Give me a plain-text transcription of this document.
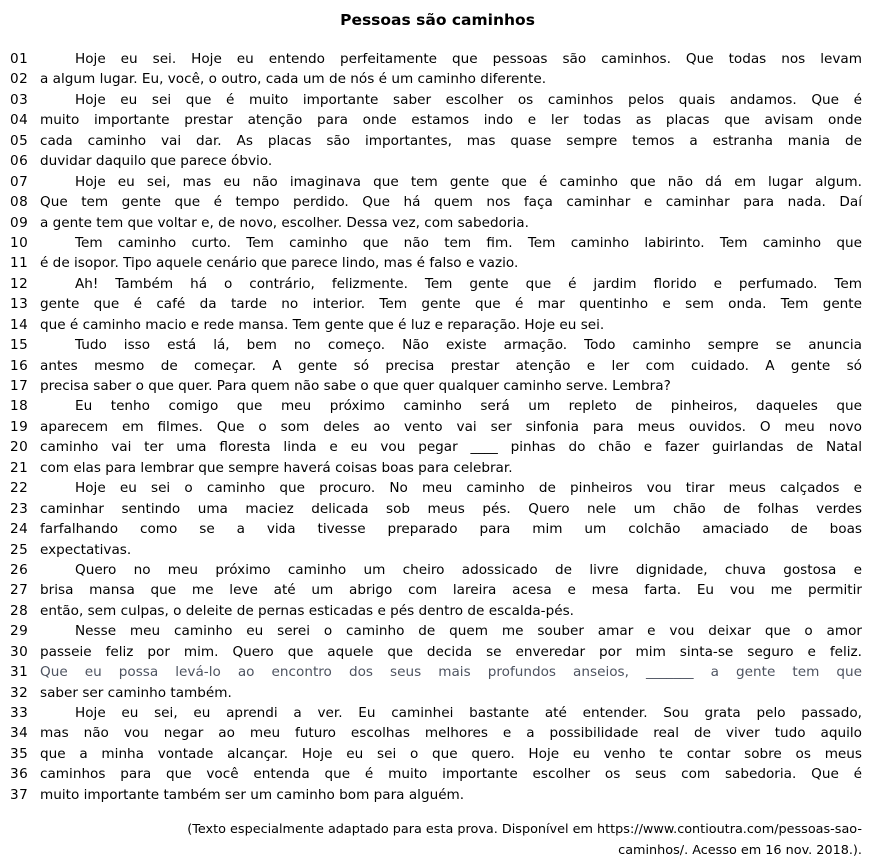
Pessoas são caminhos
01	Hoje eu sei. Hoje eu entendo perfeitamente que pessoas são caminhos. Que todas nos levam
02 a algum lugar. Eu, você, o outro, cada um de nós é um caminho diferente.
03	Hoje eu sei que é muito importante saber escolher os caminhos pelos quais andamos. Que é
04 muito importante prestar atenção para onde estamos indo e ler todas as placas que avisam onde
05 cada caminho vai dar. As placas são importantes, mas quase sempre temos a estranha mania de
06 duvidar daquilo que parece óbvio.
07	Hoje eu sei, mas eu não imaginava que tem gente que é caminho que não dá em lugar algum.
08 Que tem gente que é tempo perdido. Que há quem nos faça caminhar e caminhar para nada. Daí
09 a gente tem que voltar e, de novo, escolher. Dessa vez, com sabedoria.
10	Tem caminho curto. Tem caminho que não tem fim. Tem caminho labirinto. Tem caminho que
11 é de isopor. Tipo aquele cenário que parece lindo, mas é falso e vazio.
12	Ah! Também há o contrário, felizmente. Tem gente que é jardim florido e perfumado. Tem
13 gente que é café da tarde no interior. Tem gente que é mar quentinho e sem onda. Tem gente
14 que é caminho macio e rede mansa. Tem gente que é luz e reparação. Hoje eu sei.
15	Tudo isso está lá, bem no começo. Não existe armação. Todo caminho sempre se anuncia
16 antes mesmo de começar. A gente só precisa prestar atenção e ler com cuidado. A gente só
17 precisa saber o que quer. Para quem não sabe o que quer qualquer caminho serve. Lembra?
18	Eu tenho comigo que meu próximo caminho será um repleto de pinheiros, daqueles que
19 aparecem em filmes. Que o som deles ao vento vai ser sinfonia para meus ouvidos. O meu novo
20 caminho vai ter uma floresta linda e eu vou pegar ____ pinhas do chão e fazer guirlandas de Natal
21 com elas para lembrar que sempre haverá coisas boas para celebrar.
22	Hoje eu sei o caminho que procuro. No meu caminho de pinheiros vou tirar meus calçados e
23 caminhar sentindo uma maciez delicada sob meus pés. Quero nele um chão de folhas verdes
24 farfalhando como se a vida tivesse preparado para mim um colchão amaciado de boas
25 expectativas.
26	Quero no meu próximo caminho um cheiro adossicado de livre dignidade, chuva gostosa e
27 brisa mansa que me leve até um abrigo com lareira acesa e mesa farta. Eu vou me permitir
28 então, sem culpas, o deleite de pernas esticadas e pés dentro de escalda-pés.
29	Nesse meu caminho eu serei o caminho de quem me souber amar e vou deixar que o amor
30 passeie feliz por mim. Quero que aquele que decida se enveredar por mim sinta-se seguro e feliz.
31 Que eu possa levá-lo ao encontro dos seus mais profundos anseios, _______ a gente tem que
32 saber ser caminho também.
33	Hoje eu sei, eu aprendi a ver. Eu caminhei bastante até entender. Sou grata pelo passado,
34 mas não vou negar ao meu futuro escolhas melhores e a possibilidade real de viver tudo aquilo
35 que a minha vontade alcançar. Hoje eu sei o que quero. Hoje eu venho te contar sobre os meus
36 caminhos para que você entenda que é muito importante escolher os seus com sabedoria. Que é
37 muito importante também ser um caminho bom para alguém.
(Texto especialmente adaptado para esta prova. Disponível em https://www.contioutra.com/pessoas-sao-
caminhos/. Acesso em 16 nov. 2018.).
